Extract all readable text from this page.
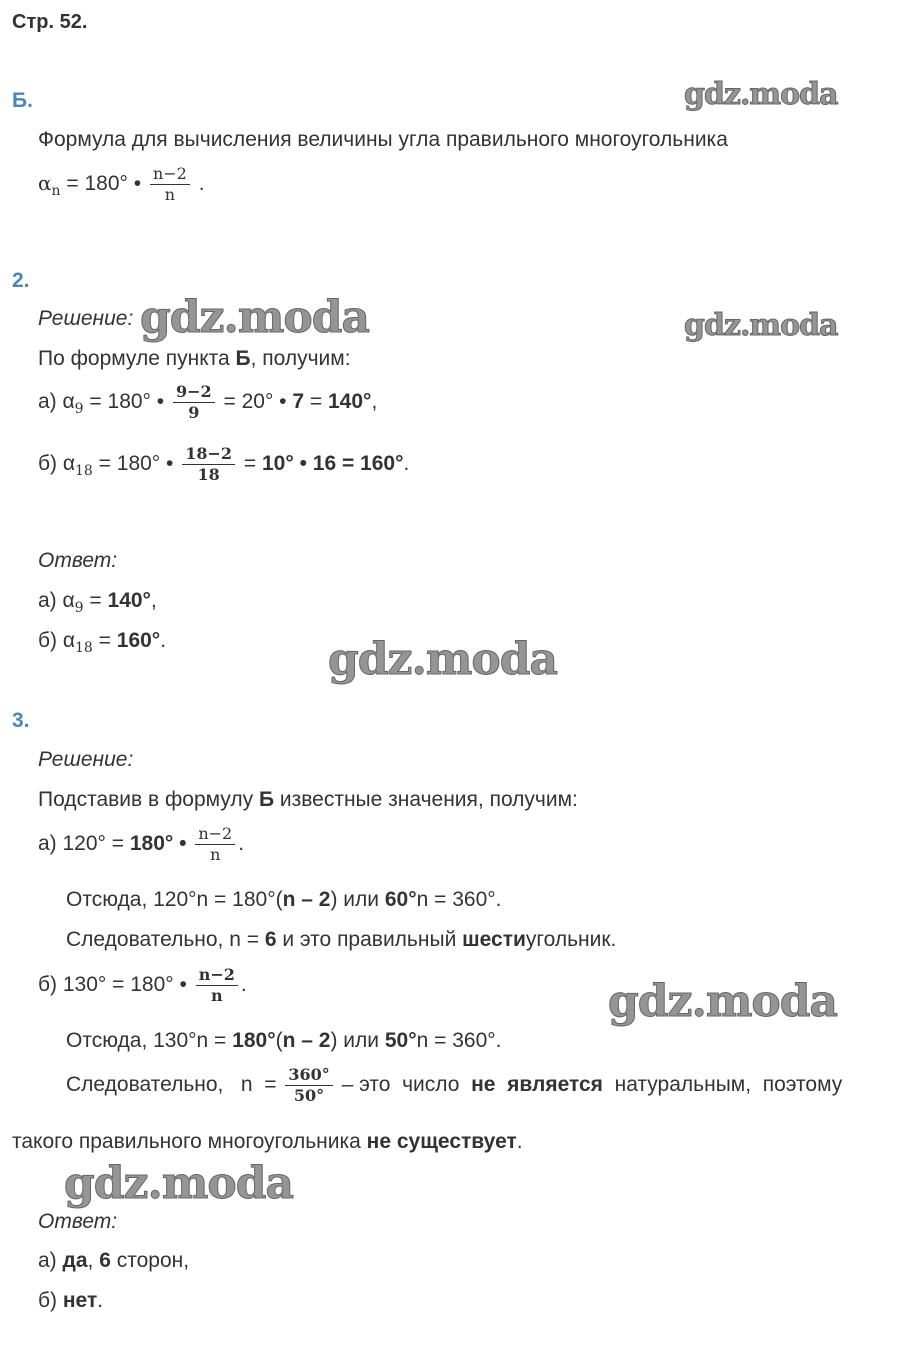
Стр. 52.
Б.
Формула для вычисления величины угла правильного многоугольника
$\alpha_n = 180^\circ$ • $\frac{n-2}{n}$ .
2.
Решение:
По формуле пункта Б, получим:
а) $\alpha_9 = 180^\circ$ • $\frac{9-2}{9} = 20^\circ$ • 7 = 140°,
б) $\alpha_{18} = 180^\circ$ • $\frac{18-2}{18} = 10^\circ$ • 16 = 160°.
Ответ:
а) $\alpha_9 = 140^\circ$,
б) $\alpha_{18} = 160^\circ$.
3.
Решение:
Подставив в формулу Б известные значения, получим:
а) 120° = 180° • $\frac{n-2}{n}$ .
Отсюда, 120°n = 180°(n – 2) или 60°n = 360°.
Следовательно, n = 6 и это правильный шестиугольник.
б) 130° = 180° • $\frac{n-2}{n}$ .
Отсюда, 130°n = 180°(n – 2) или 50°n = 360°.
Следовательно,   $n = \frac{360^\circ}{50^\circ}$ – это  число  не  является  натуральным,  поэтому
такого правильного многоугольника не существует.
Ответ:
а) да, 6 сторон,
б) нет.
gdz.moda
gdz.moda	gdz.moda
gdz.moda
gdz.moda
gdz.moda
